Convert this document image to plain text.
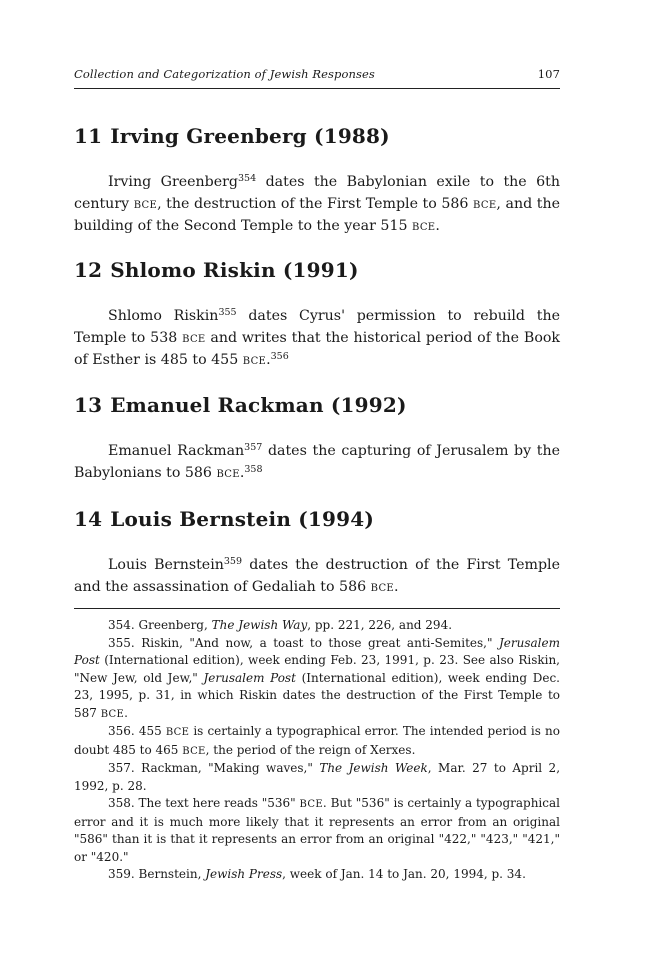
Collection and Categorization of Jewish Responses	107
11 Irving Greenberg (1988)

Irving Greenberg$^{354}$ dates the Babylonian exile to the 6th century BCE, the destruction of the First Temple to 586 BCE, and the building of the Second Temple to the year 515 BCE.

12 Shlomo Riskin (1991)

Shlomo Riskin$^{355}$ dates Cyrus' permission to rebuild the Temple to 538 BCE and writes that the historical period of the Book of Esther is 485 to 455 BCE.$^{356}$

13 Emanuel Rackman (1992)

Emanuel Rackman$^{357}$ dates the capturing of Jerusalem by the Babylonians to 586 BCE.$^{358}$

14 Louis Bernstein (1994)

Louis Bernstein$^{359}$ dates the destruction of the First Temple and the assassination of Gedaliah to 586 BCE.

354. Greenberg, The Jewish Way, pp. 221, 226, and 294.

355. Riskin, "And now, a toast to those great anti-Semites," Jerusalem Post (International edition), week ending Feb. 23, 1991, p. 23. See also Riskin, "New Jew, old Jew," Jerusalem Post (International edition), week ending Dec. 23, 1995, p. 31, in which Riskin dates the destruction of the First Temple to 587 BCE.

356. 455 BCE is certainly a typographical error. The intended period is no doubt 485 to 465 BCE, the period of the reign of Xerxes.

357. Rackman, "Making waves," The Jewish Week, Mar. 27 to April 2, 1992, p. 28.

358. The text here reads "536" BCE. But "536" is certainly a typographical error and it is much more likely that it represents an error from an original "586" than it is that it represents an error from an original "422," "423," "421," or "420."

359. Bernstein, Jewish Press, week of Jan. 14 to Jan. 20, 1994, p. 34.
